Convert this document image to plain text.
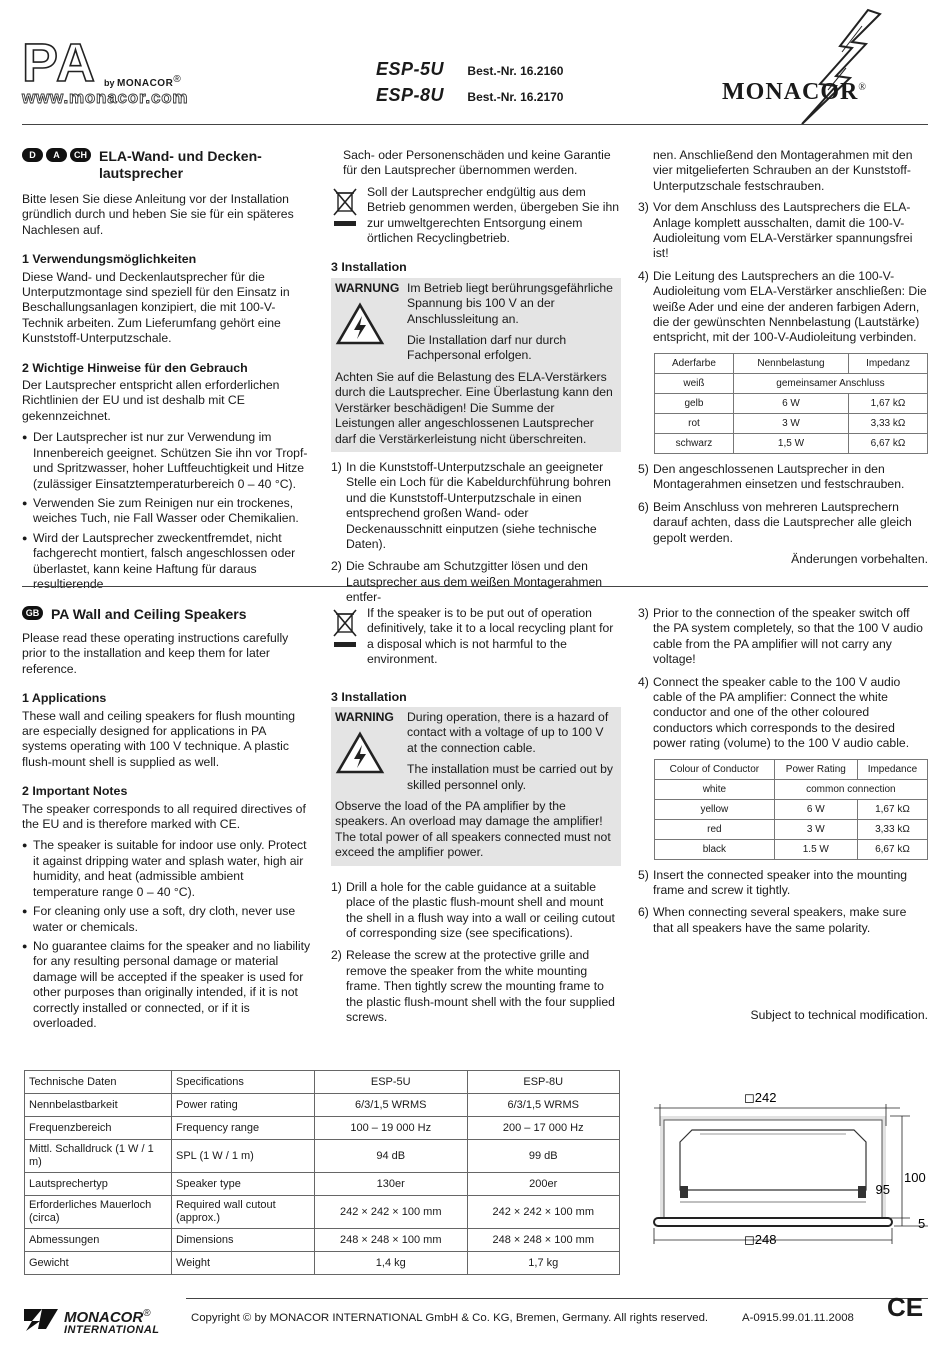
PA by MONACOR®
www.monacor.com
ESP-5U Best.-Nr. 16.2160
ESP-8U Best.-Nr. 16.2170	MONACOR®
D	A	CH ELA-Wand- und Decken-lautsprecher

Bitte lesen Sie diese Anleitung vor der Installation gründlich durch und heben Sie sie für ein späteres Nachlesen auf.

1 Verwendungsmöglichkeiten

Diese Wand- und Deckenlautsprecher für die Unterputzmontage sind speziell für den Einsatz in Beschallungsanlagen konzipiert, die mit 100-V-Technik arbeiten. Zum Lieferumfang gehört eine Kunststoff-Unterputzschale.

2 Wichtige Hinweise für den Gebrauch

Der Lautsprecher entspricht allen erforderlichen Richtlinien der EU und ist deshalb mit CE gekennzeichnet.

● Der Lautsprecher ist nur zur Verwendung im Innenbereich geeignet. Schützen Sie ihn vor Tropf- und Spritzwasser, hoher Luftfeuchtigkeit und Hitze (zulässiger Einsatztemperaturbereich 0 – 40 °C).
● Verwenden Sie zum Reinigen nur ein trockenes, weiches Tuch, nie Fall Wasser oder Chemikalien.
● Wird der Lautsprecher zweckentfremdet, nicht fachgerecht montiert, falsch angeschlossen oder überlastet, kann keine Haftung für daraus resultierende

Sach- oder Personenschäden und keine Garantie für den Lautsprecher übernommen werden.

Soll der Lautsprecher endgültig aus dem Betrieb genommen werden, übergeben Sie ihn zur umweltgerechten Entsorgung einem örtlichen Recyclingbetrieb.
3 Installation
WARNUNG Im Betrieb liegt berührungsgefährliche Spannung bis 100 V an der Anschlussleitung an.

Die Installation darf nur durch Fachpersonal erfolgen.

Achten Sie auf die Belastung des ELA-Verstärkers durch die Lautsprecher. Eine Überlastung kann den Verstärker beschädigen! Die Summe der Leistungen aller angeschlossenen Lautsprecher darf die Verstärkerleistung nicht überschreiten.

1) In die Kunststoff-Unterputzschale an geeigneter Stelle ein Loch für die Kabeldurchführung bohren und die Kunststoff-Unterputzschale in einen entsprechend großen Wand- oder Deckenausschnitt einputzen (siehe technische Daten).
2) Die Schraube am Schutzgitter lösen und den Lautsprecher aus dem weißen Montagerahmen entfer-

nen. Anschließend den Montagerahmen mit den vier mitgelieferten Schrauben an der Kunststoff-Unterputzschale festschrauben.

3) Vor dem Anschluss des Lautsprechers die ELA-Anlage komplett ausschalten, damit die 100-V-Audioleitung vom ELA-Verstärker spannungsfrei ist!
4) Die Leitung des Lautsprechers an die 100-V-Audioleitung vom ELA-Verstärker anschließen: Die weiße Ader und eine der anderen farbigen Adern, die der gewünschten Nennbelastung (Lautstärke) entspricht, mit der 100-V-Audioleitung verbinden.
Aderfarbe	Nennbelastung	Impedanz
weiß	gemeinsamer Anschluss	
gelb	6 W	1,67 kΩ
rot	3 W	3,33 kΩ
schwarz	1,5 W	6,67 kΩ
5) Den angeschlossenen Lautsprecher in den Montagerahmen einsetzen und festschrauben.
6) Beim Anschluss von mehreren Lautsprechern darauf achten, dass die Lautsprecher alle gleich gepolt werden.
Änderungen vorbehalten.
GB PA Wall and Ceiling Speakers

Please read these operating instructions carefully prior to the installation and keep them for later reference.

1 Applications

These wall and ceiling speakers for flush mounting are especially designed for applications in PA systems operating with 100 V technique. A plastic flush-mount shell is supplied as well.

2 Important Notes

The speaker corresponds to all required directives of the EU and is therefore marked with CE.

● The speaker is suitable for indoor use only. Protect it against dripping water and splash water, high air humidity, and heat (admissible ambient temperature range 0 – 40 °C).
● For cleaning only use a soft, dry cloth, never use water or chemicals.
● No guarantee claims for the speaker and no liability for any resulting personal damage or material damage will be accepted if the speaker is used for other purposes than originally intended, if it is not correctly installed or connected, or if it is overloaded.
If the speaker is to be put out of operation definitively, take it to a local recycling plant for a disposal which is not harmful to the environment.
3 Installation
WARNING	During operation, there is a hazard of contact with a voltage of up to 100 V at the connection cable.

The installation must be carried out by skilled personnel only.

Observe the load of the PA amplifier by the speakers. An overload may damage the amplifier! The total power of all speakers connected must not exceed the amplifier power.

1) Drill a hole for the cable guidance at a suitable place of the plastic flush-mount shell and mount the shell in a flush way into a wall or ceiling cutout of corresponding size (see specifications).
2) Release the screw at the protective grille and remove the speaker from the white mounting frame. Then tightly screw the mounting frame to the plastic flush-mount shell with the four supplied screws.
3) Prior to the connection of the speaker switch off the PA system completely, so that the 100 V audio cable from the PA amplifier will not carry any voltage!
4) Connect the speaker cable to the 100 V audio cable of the PA amplifier: Connect the white conductor and one of the other coloured conductors which corresponds to the desired power rating (volume) to the 100 V audio cable.
Colour of Conductor	Power Rating	Impedance
white	common connection	
yellow	6 W	1,67 kΩ
red	3 W	3,33 kΩ
black	1.5 W	6,67 kΩ
5) Insert the connected speaker into the mounting frame and screw it tightly.
6) When connecting several speakers, make sure that all speakers have the same polarity.
Subject to technical modification.
Technische Daten	Specifications	ESP-5U	ESP-8U
Nennbelastbarkeit	Power rating	6/3/1,5 WRMS	6/3/1,5 WRMS
Frequenzbereich	Frequency range	100 – 19 000 Hz	200 – 17 000 Hz
Mittl. Schalldruck (1 W / 1 m)	SPL (1 W / 1 m)	94 dB	99 dB
Lautsprechertyp	Speaker type	130er	200er
Erforderliches Mauerloch (circa)	Required wall cutout (approx.)	242 × 242 × 100 mm	242 × 242 × 100 mm
Abmessungen	Dimensions	248 × 248 × 100 mm	248 × 248 × 100 mm
Gewicht	Weight	1,4 kg	1,7 kg
◻242
◻248
100
95
5
MONACOR®
INTERNATIONAL
Copyright © by MONACOR INTERNATIONAL GmbH & Co. KG, Bremen, Germany. All rights reserved.	A-0915.99.01.11.2008 CE
